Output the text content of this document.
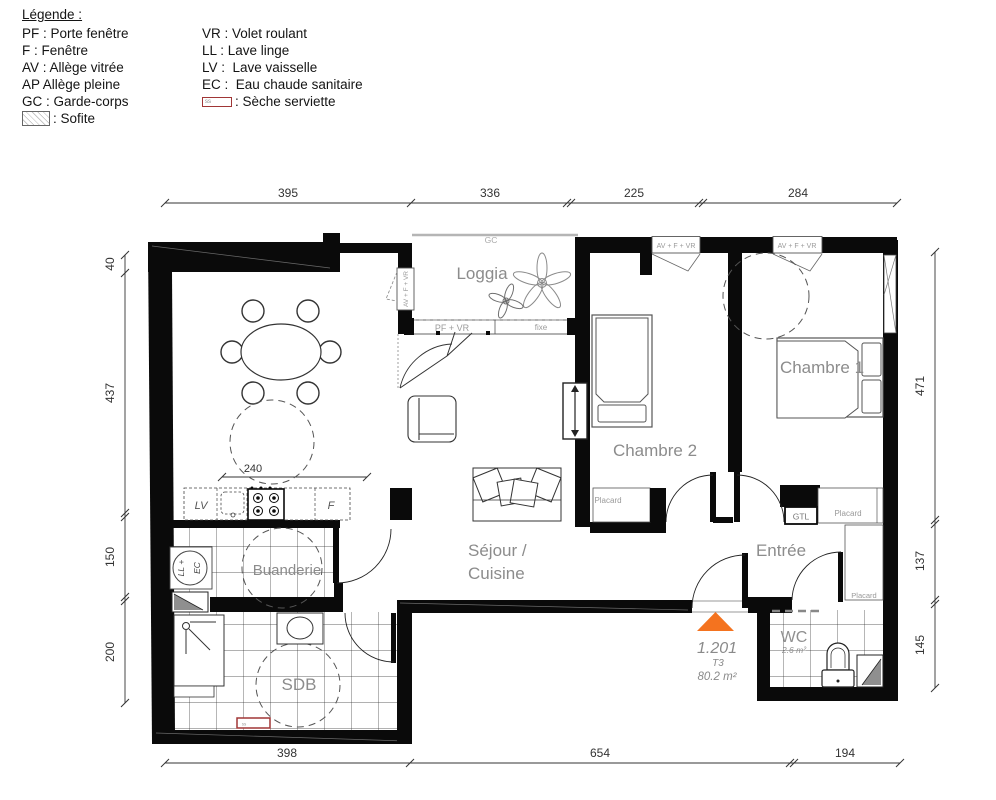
Légende :
PF : Porte fenêtre
F : Fenêtre
AV : Allège vitrée
AP Allège pleine
GC : Garde-corps
: Sofite
VR : Volet roulant
LL : Lave linge
LV :  Lave vaisselle
EC :  Eau chaude sanitaire
ss	: Sèche serviette
GC
Loggia
AV + F + VR
PF + VR	fixe
AV + F + VR	AV + F + VR
LV	F
240
Chambre 2
Placard
Chambre 1
Placard
GTL
Entrée
Placard
1.201
T3
80.2 m²
Séjour /
Cuisine
Buanderie
LL + EC
SDB
ss
WC
2.6 m²
395	336	225	284
40
437
150
200
471
137
145
398	654	194
